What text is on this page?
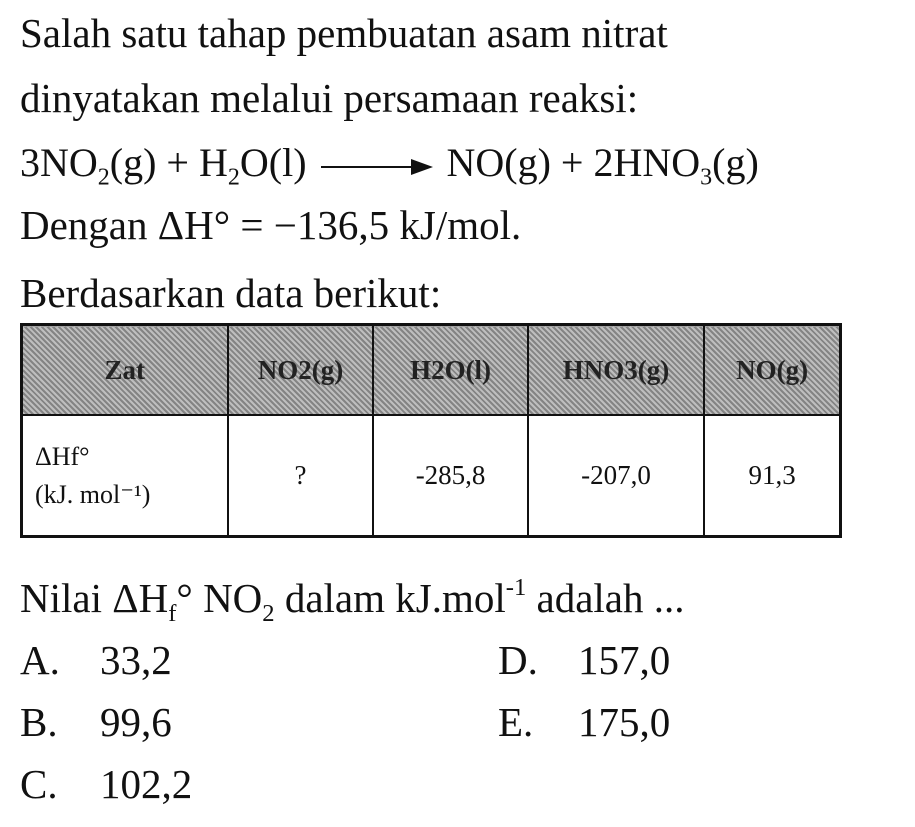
Salah satu tahap pembuatan asam nitrat
dinyatakan melalui persamaan reaksi:
$3NO_2(g) + H_2O(l)$	$NO(g) + 2HNO_3(g)$
Dengan ΔH° = −136,5 kJ/mol.
Berdasarkan data berikut:
Zat	NO2(g)	H2O(l)	HNO3(g)	NO(g)

ΔHf°
(kJ. mol⁻¹)	?	-285,8	-207,0	91,3
Nilai $\Delta H_f^\circ$ $NO_2$ dalam kJ.mol$^{-1}$ adalah ...
A. 33,2
B. 99,6
C. 102,2
D. 157,0
E. 175,0
